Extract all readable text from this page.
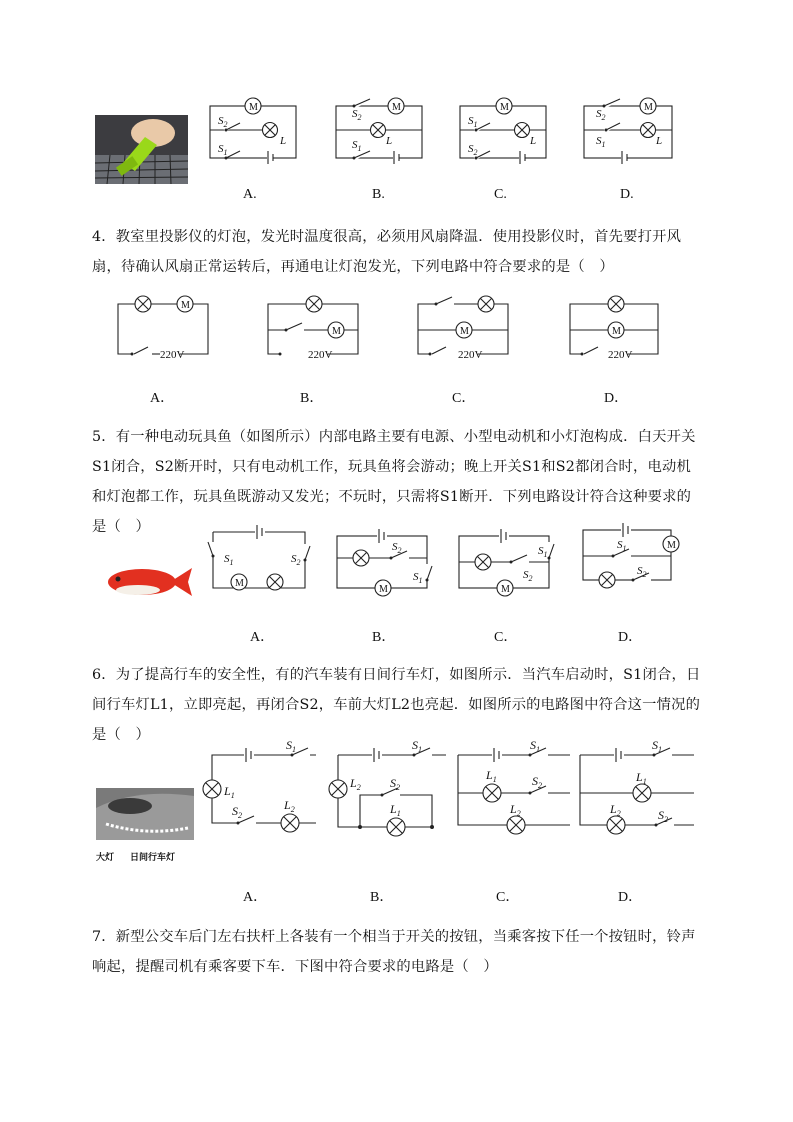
M	M	M	M
$S_2$
$S_1$
L
$S_2$
$S_1$
L
$S_1$
$S_2$
L
$S_2$
$S_1$	L
A.	B.	C.	D.
4．教室里投影仪的灯泡，发光时温度很高，必须用风扇降温．使用投影仪时，首先要打开风扇，待确认风扇正常运转后，再通电让灯泡发光，下列电路中符合要求的是（　）
M
M	M	M
220V	220V	220V	220V
A．	B．	C．	D．
5．有一种电动玩具鱼（如图所示）内部电路主要有电源、小型电动机和小灯泡构成．白天开关S1闭合，S2断开时，只有电动机工作，玩具鱼将会游动；晚上开关S1和S2都闭合时，电动机和灯泡都工作，玩具鱼既游动又发光；不玩时，只需将S1断开．下列电路设计符合这种要求的是（　）
$S_1$	$S_2$
M
$S_2$
$S_1$
M
$S_1$
$S_2$
M
$S_1$
$S_2$
M
A．	B．	C．	D．
6．为了提高行车的安全性，有的汽车装有日间行车灯，如图所示．当汽车启动时，S1闭合，日间行车灯L1，立即亮起，再闭合S2，车前大灯L2也亮起．如图所示的电路图中符合这一情况的是（　）
大灯 日间行车灯
$S_1$
$L_1$
$S_2$
$L_2$
$S_1$
$L_2$ $S_2$
$L_1$
$S_1$
$L_1$	$S_2$
$L_2$
$S_1$
$L_1$
$L_2$	$S_2$
A．	B．	C．	D．
7．新型公交车后门左右扶杆上各装有一个相当于开关的按钮，当乘客按下任一个按钮时，铃声响起，提醒司机有乘客要下车．下图中符合要求的电路是（　）
